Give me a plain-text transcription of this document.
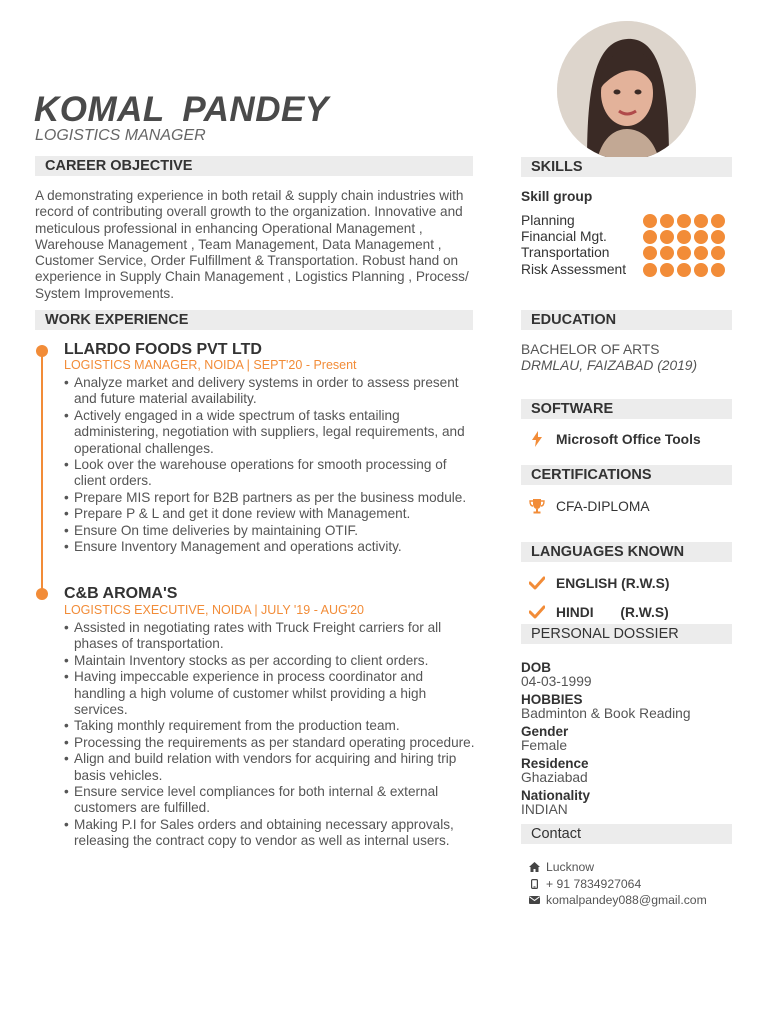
KOMAL PANDEY
LOGISTICS MANAGER
CAREER OBJECTIVE

A demonstrating experience in both retail & supply chain industries with record of contributing overall growth to the organization. Innovative and meticulous professional in enhancing Operational Management , Warehouse Management , Team Management, Data Management , Customer Service, Order Fulfillment & Transportation. Robust hand on experience in Supply Chain Management , Logistics Planning , Process/ System Improvements.

WORK EXPERIENCE
LLARDO FOODS PVT LTD
LOGISTICS MANAGER, NOIDA | SEPT'20 - Present
• Analyze market and delivery systems in order to assess present and future material availability.
• Actively engaged in a wide spectrum of tasks entailing administering, negotiation with suppliers, legal requirements, and operational challenges.
• Look over the warehouse operations for smooth processing of client orders.
• Prepare MIS report for B2B partners as per the business module.
• Prepare P & L and get it done review with Management.
• Ensure On time deliveries by maintaining OTIF.
• Ensure Inventory Management and operations activity.
C&B AROMA'S
LOGISTICS EXECUTIVE, NOIDA | JULY '19 - AUG'20
• Assisted in negotiating rates with Truck Freight carriers for all phases of transportation.
• Maintain Inventory stocks as per according to client orders.
• Having impeccable experience in process coordinator and handling a high volume of customer whilst providing a high services.
• Taking monthly requirement from the production team.
• Processing the requirements as per standard operating procedure.
• Align and build relation with vendors for acquiring and hiring trip basis vehicles.
• Ensure service level compliances for both internal & external customers are fulfilled.
• Making P.I for Sales orders and obtaining necessary approvals, releasing the contract copy to vendor as well as internal users.
SKILLS
Skill group
Planning
Financial Mgt.
Transportation
Risk Assessment
EDUCATION
BACHELOR OF ARTS
DRMLAU, FAIZABAD (2019)
SOFTWARE
Microsoft Office Tools
CERTIFICATIONS
CFA-DIPLOMA
LANGUAGES KNOWN
ENGLISH (R.W.S)
HINDI       (R.W.S)
PERSONAL DOSSIER
DOB
04-03-1999
HOBBIES
Badminton & Book Reading
Gender
Female
Residence
Ghaziabad
Nationality
INDIAN
Contact
Lucknow
+ 91 7834927064
komalpandey088@gmail.com
